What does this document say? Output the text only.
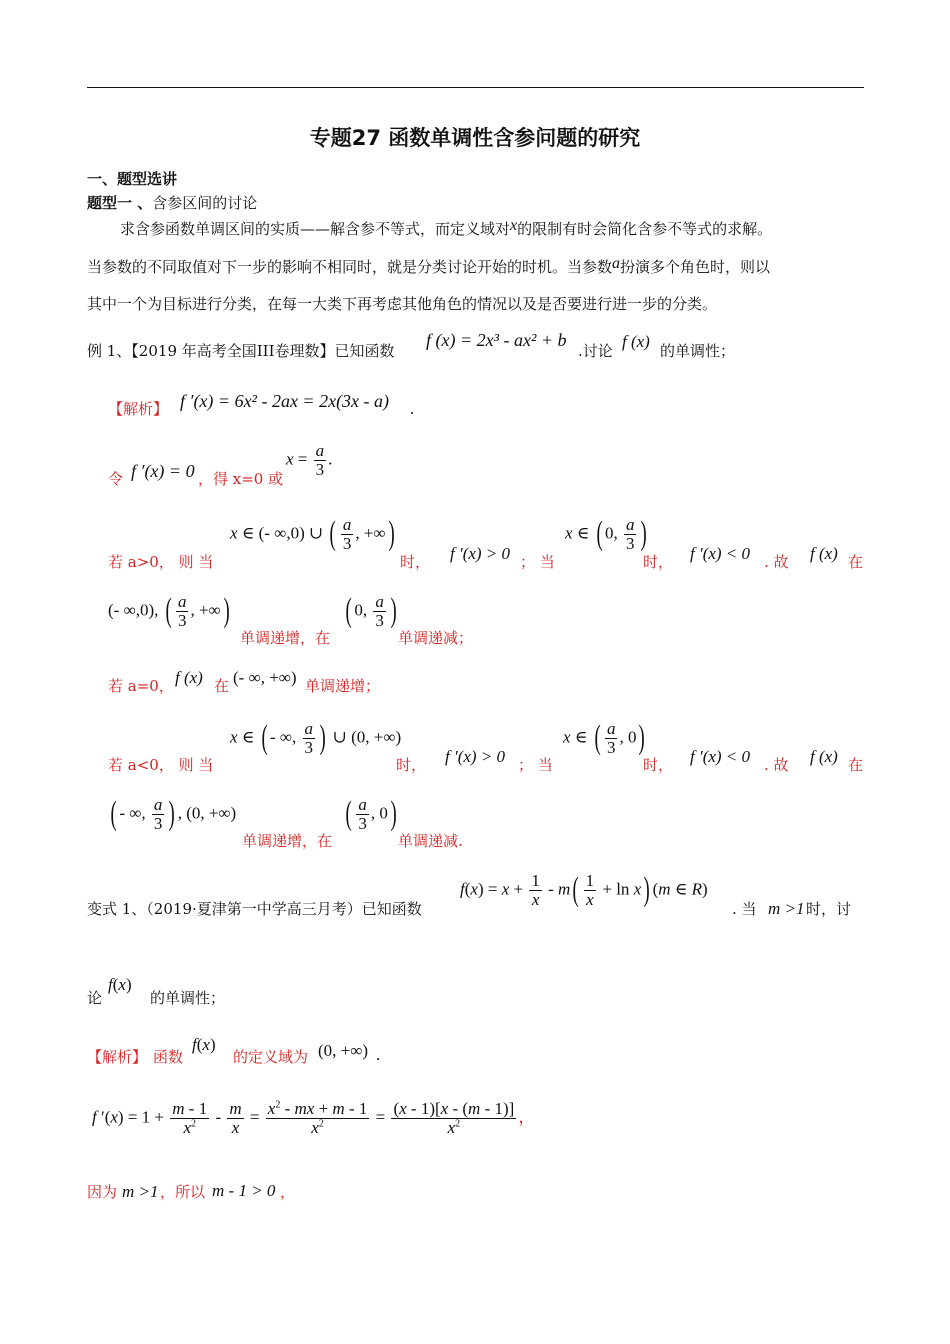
专题27 函数单调性含参问题的研究
一、题型选讲
题型一 、含参区间的讨论
求含参函数单调区间的实质——解含参不等式，而定义域对x的限制有时会简化含参不等式的求解。
当参数的不同取值对下一步的影响不相同时，就是分类讨论开始的时机。当参数a扮演多个角色时，则以
其中一个为目标进行分类，在每一大类下再考虑其他角色的情况以及是否要进行进一步的分类。
例 1、【2019 年高考全国III卷理数】已知函数
f (x) = 2x³ - ax² + b
.讨论 f (x) 的单调性；
【解析】 f ′(x) = 6x² - 2ax = 2x(3x - a) .
令 f ′(x) = 0 ，得 x=0 或
$x = \frac{a}{3}$ .
若 a>0， 则 当
x ∈ (- ∞,0) ∪ ( $\frac{a}{3}$ , +∞)
时， f ′(x) > 0 ； 当
x ∈ ( 0, $\frac{a}{3}$ )
时， f ′(x) < 0 . 故 f (x) 在
(- ∞,0), ( $\frac{a}{3}$ , +∞)
单调递增，在
( 0, $\frac{a}{3}$ )
单调递减；
若 a=0， f (x) 在 (- ∞, +∞) 单调递增；
若 a<0， 则 当
x ∈ ( - ∞, $\frac{a}{3}$ ) ∪ (0, +∞)
时， f ′(x) > 0 ； 当
x ∈ ( $\frac{a}{3}$ , 0)
时， f ′(x) < 0 . 故 f (x) 在
( - ∞, $\frac{a}{3}$ ) , (0, +∞)
单调递增，在
( $\frac{a}{3}$ , 0)
单调递减.
变式 1、（2019·夏津第一中学高三月考）已知函数
$f(x) = x + \frac{1}{x} - m( \frac{1}{x} + \ln x)$ (m ∈ R)
. 当 m >1 时，讨
论
f(x)
的单调性；
【解析】 函数
f(x)
的定义域为 (0, +∞) .
f $'(x) = 1 + \frac{m - 1}{x^2} - \frac{m}{x} = \frac{x^2 - mx + m - 1}{x^2} = \frac{(x - 1)[x - (m - 1)]}{x^2}$ ，
因为 m >1 ，所以 m - 1 > 0 ，
